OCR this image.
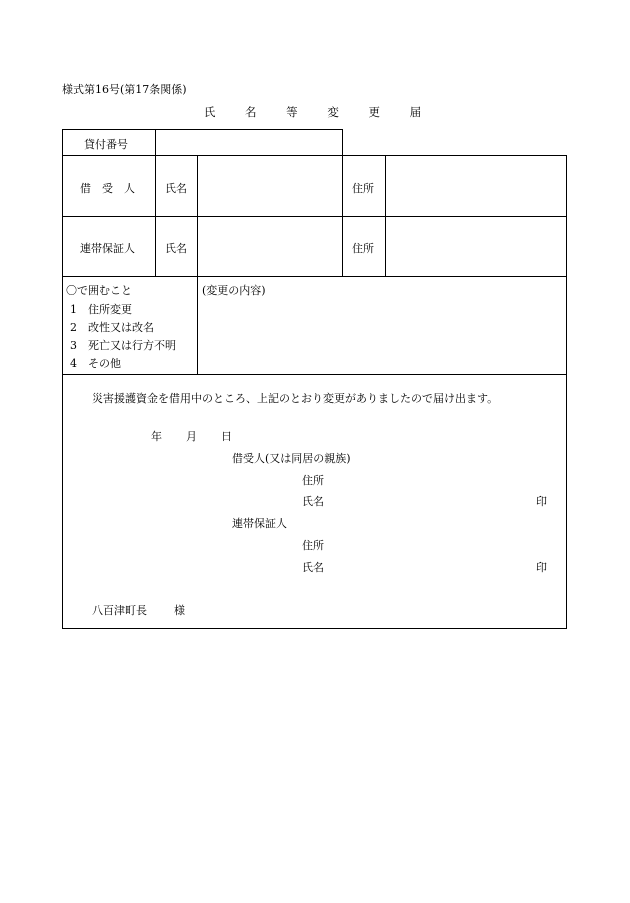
様式第16号(第17条関係)
氏 名 等 変 更 届
貸付番号
借　受　人	氏名	住所
連帯保証人	氏名	住所
〇で囲むこと
1　住所変更
2　改性又は改名
3　死亡又は行方不明
4　その他
(変更の内容)
災害援護資金を借用中のところ、上記のとおり変更がありましたので届け出ます。
年 月 日
借受人(又は同居の親族)
住所
氏名	印
連帯保証人
住所
氏名	印
八百津町長 様
